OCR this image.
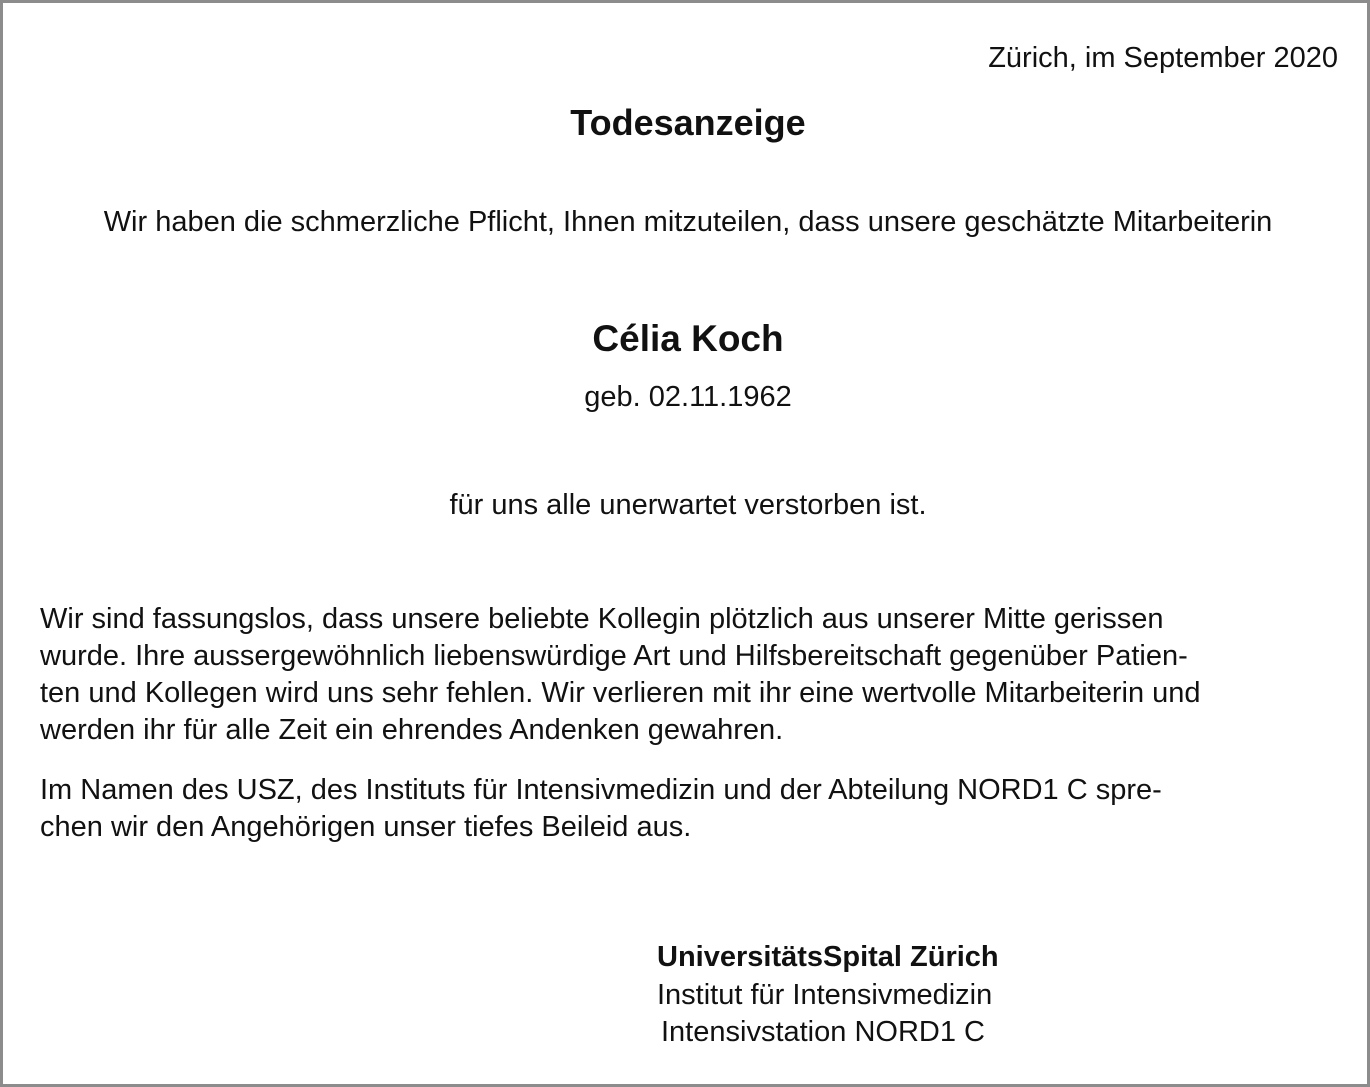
Zürich, im September 2020
Todesanzeige
Wir haben die schmerzliche Pflicht, Ihnen mitzuteilen, dass unsere geschätzte Mitarbeiterin
Célia Koch
geb. 02.11.1962
für uns alle unerwartet verstorben ist.
Wir sind fassungslos, dass unsere beliebte Kollegin plötzlich aus unserer Mitte gerissen
wurde. Ihre aussergewöhnlich liebenswürdige Art und Hilfsbereitschaft gegenüber Patien-
ten und Kollegen wird uns sehr fehlen. Wir verlieren mit ihr eine wertvolle Mitarbeiterin und
werden ihr für alle Zeit ein ehrendes Andenken gewahren.
Im Namen des USZ, des Instituts für Intensivmedizin und der Abteilung NORD1 C spre-
chen wir den Angehörigen unser tiefes Beileid aus.
UniversitätsSpital Zürich
Institut für Intensivmedizin
Intensivstation NORD1 C
